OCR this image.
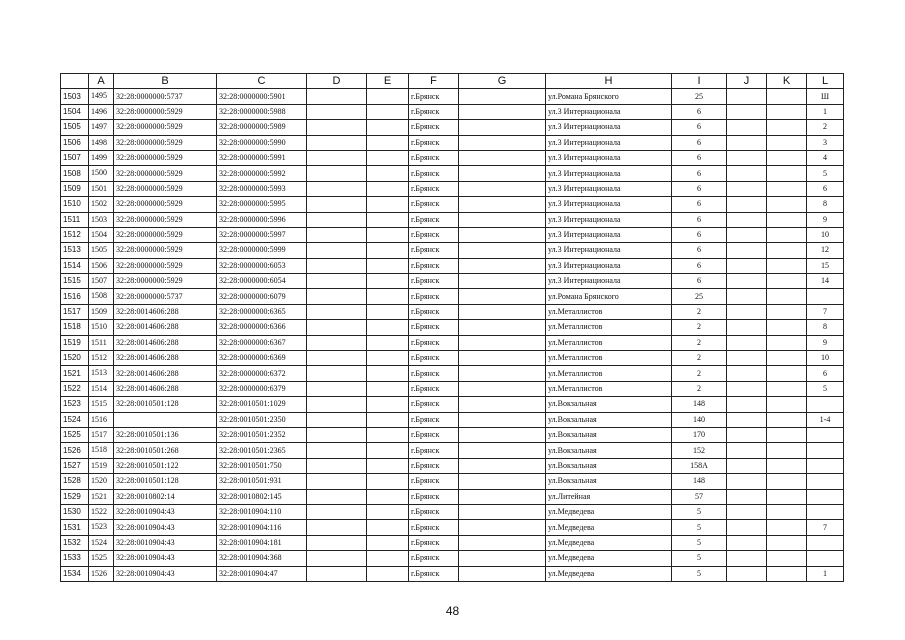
	A	B	C	D	E	F	G	H	I	J	K	L
1503	1495	32:28:0000000:5737	32:28:0000000:5901			г.Брянск		ул.Романа Брянского	25			Ш
1504	1496	32:28:0000000:5929	32:28:0000000:5988			г.Брянск		ул.3 Интернационала	6			1
1505	1497	32:28:0000000:5929	32:28:0000000:5989			г.Брянск		ул.3 Интернационала	6			2
1506	1498	32:28:0000000:5929	32:28:0000000:5990			г.Брянск		ул.3 Интернационала	6			3
1507	1499	32:28:0000000:5929	32:28:0000000:5991			г.Брянск		ул.3 Интернационала	6			4
1508	1500	32:28:0000000:5929	32:28:0000000:5992			г.Брянск		ул.3 Интернационала	6			5
1509	1501	32:28:0000000:5929	32:28:0000000:5993			г.Брянск		ул.3 Интернационала	6			6
1510	1502	32:28:0000000:5929	32:28:0000000:5995			г.Брянск		ул.3 Интернационала	6			8
1511	1503	32:28:0000000:5929	32:28:0000000:5996			г.Брянск		ул.3 Интернационала	6			9
1512	1504	32:28:0000000:5929	32:28:0000000:5997			г.Брянск		ул.3 Интернационала	6			10
1513	1505	32:28:0000000:5929	32:28:0000000:5999			г.Брянск		ул.3 Интернационала	6			12
1514	1506	32:28:0000000:5929	32:28:0000000:6053			г.Брянск		ул.3 Интернационала	6			15
1515	1507	32:28:0000000:5929	32:28:0000000:6054			г.Брянск		ул.3 Интернационала	6			14
1516	1508	32:28:0000000:5737	32:28:0000000:6079			г.Брянск		ул.Романа Брянского	25			
1517	1509	32:28:0014606:288	32:28:0000000:6365			г.Брянск		ул.Металлистов	2			7
1518	1510	32:28:0014606:288	32:28:0000000:6366			г.Брянск		ул.Металлистов	2			8
1519	1511	32:28:0014606:288	32:28:0000000:6367			г.Брянск		ул.Металлистов	2			9
1520	1512	32:28:0014606:288	32:28:0000000:6369			г.Брянск		ул.Металлистов	2			10
1521	1513	32:28:0014606:288	32:28:0000000:6372			г.Брянск		ул.Металлистов	2			6
1522	1514	32:28:0014606:288	32:28:0000000:6379			г.Брянск		ул.Металлистов	2			5
1523	1515	32:28:0010501:128	32:28:0010501:1029			г.Брянск		ул.Вокзальная	148			
1524	1516		32:28:0010501:2350			г.Брянск		ул.Вокзальная	140			1-4
1525	1517	32:28:0010501:136	32:28:0010501:2352			г.Брянск		ул.Вокзальная	170			
1526	1518	32:28:0010501:268	32:28:0010501:2365			г.Брянск		ул.Вокзальная	152			
1527	1519	32:28:0010501:122	32:28:0010501:750			г.Брянск		ул.Вокзальная	158А			
1528	1520	32:28:0010501:128	32:28:0010501:931			г.Брянск		ул.Вокзальная	148			
1529	1521	32:28:0010802:14	32:28:0010802:145			г.Брянск		ул.Литейная	57			
1530	1522	32:28:0010904:43	32:28:0010904:110			г.Брянск		ул.Медведева	5			
1531	1523	32:28:0010904:43	32:28:0010904:116			г.Брянск		ул.Медведева	5			7
1532	1524	32:28:0010904:43	32:28:0010904:181			г.Брянск		ул.Медведева	5			
1533	1525	32:28:0010904:43	32:28:0010904:368			г.Брянск		ул.Медведева	5			
1534	1526	32:28:0010904:43	32:28:0010904:47			г.Брянск		ул.Медведева	5			1
48
